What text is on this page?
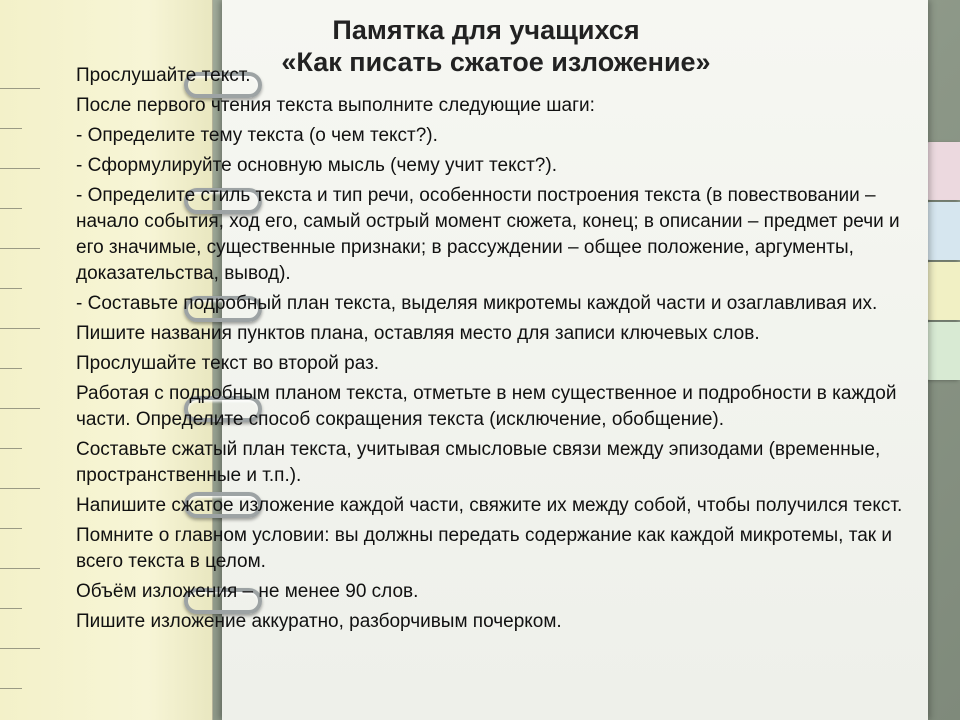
Памятка для учащихся
«Как писать сжатое изложение»
Прослушайте текст.
После первого чтения текста выполните следующие шаги:
- Определите тему текста (о чем текст?).
- Сформулируйте основную мысль (чему учит текст?).
- Определите стиль текста и тип речи, особенности построения текста (в повествовании – начало события, ход его, самый острый момент сюжета, конец; в описании – предмет речи и его значимые, существенные признаки; в рассуждении – общее положение, аргументы, доказательства, вывод).
- Составьте подробный план текста, выделяя микротемы каждой части и озаглавливая их.
Пишите названия пунктов плана, оставляя место для записи ключевых слов.
Прослушайте текст во второй раз.
Работая с подробным планом текста, отметьте в нем существенное и подробности в каждой части. Определите способ сокращения текста (исключение, обобщение).
Составьте сжатый план текста, учитывая смысловые связи между эпизодами (временные, пространственные и т.п.).
Напишите сжатое изложение каждой части, свяжите их между собой, чтобы получился текст.
Помните о главном условии: вы должны передать содержание как каждой микротемы, так и всего текста в целом.
Объём изложения – не менее 90 слов.
Пишите изложение аккуратно, разборчивым почерком.
